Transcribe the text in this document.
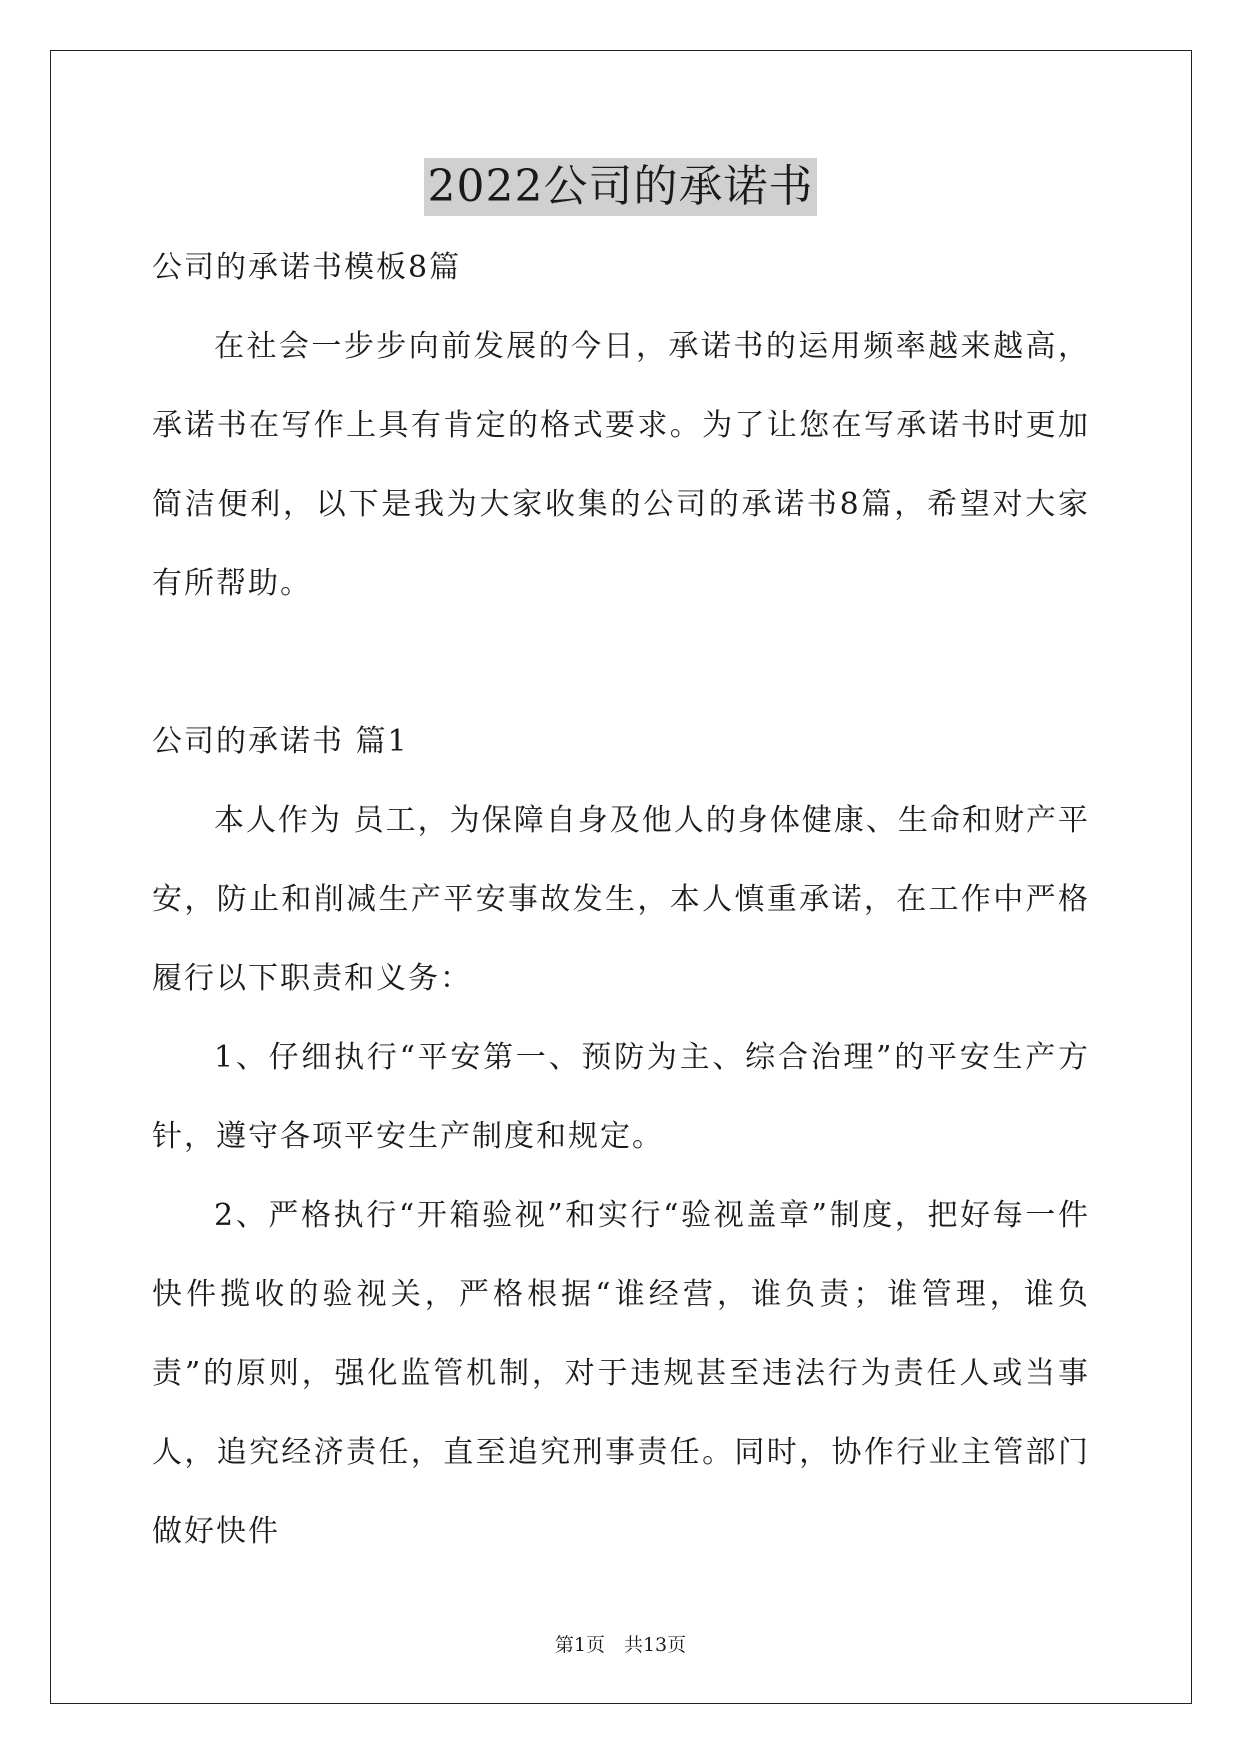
2022公司的承诺书

公司的承诺书模板8篇

在社会一步步向前发展的今日，承诺书的运用频率越来越高，承诺书在写作上具有肯定的格式要求。为了让您在写承诺书时更加简洁便利，以下是我为大家收集的公司的承诺书8篇，希望对大家有所帮助。

公司的承诺书 篇1

本人作为 员工，为保障自身及他人的身体健康、生命和财产平安，防止和削减生产平安事故发生，本人慎重承诺，在工作中严格履行以下职责和义务：

1、仔细执行“平安第一、预防为主、综合治理”的平安生产方针，遵守各项平安生产制度和规定。

2、严格执行“开箱验视”和实行“验视盖章”制度，把好每一件快件揽收的验视关，严格根据“谁经营，谁负责；谁管理，谁负责”的原则，强化监管机制，对于违规甚至违法行为责任人或当事人，追究经济责任，直至追究刑事责任。同时，协作行业主管部门做好快件

第1页　共13页
